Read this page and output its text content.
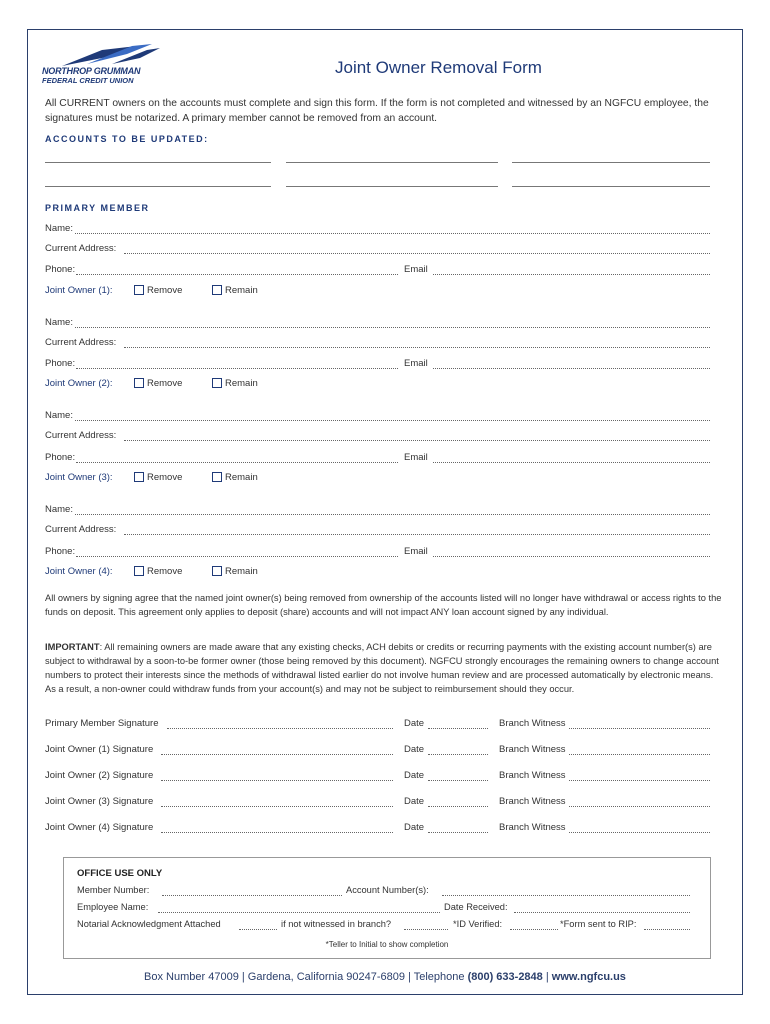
NORTHROP GRUMMAN
FEDERAL CREDIT UNION
Joint Owner Removal Form
All CURRENT owners on the accounts must complete and sign this form. If the form is not completed and witnessed by an NGFCU employee, the signatures must be notarized. A primary member cannot be removed from an account.
ACCOUNTS TO BE UPDATED:
PRIMARY MEMBER
Name:
Current Address:
Phone:	Email
Joint Owner (1):	Remove	Remain
Name:
Current Address:
Phone:	Email
Joint Owner (2):	Remove	Remain
Name:
Current Address:
Phone:	Email
Joint Owner (3):	Remove	Remain
Name:
Current Address:
Phone:	Email
Joint Owner (4):	Remove	Remain
All owners by signing agree that the named joint owner(s) being removed from ownership of the accounts listed will no longer have withdrawal or access rights to the funds on deposit. This agreement only applies to deposit (share) accounts and will not impact ANY loan account signed by any individual.
IMPORTANT: All remaining owners are made aware that any existing checks, ACH debits or credits or recurring payments with the existing account number(s) are subject to withdrawal by a soon-to-be former owner (those being removed by this document). NGFCU strongly encourages the remaining owners to change account numbers to protect their interests since the methods of withdrawal listed earlier do not involve human review and are processed automatically by electronic means. As a result, a non-owner could withdraw funds from your account(s) and may not be subject to reimbursement should they occur.
Primary Member Signature	Date	Branch Witness
Joint Owner (1) Signature	Date	Branch Witness
Joint Owner (2) Signature	Date	Branch Witness
Joint Owner (3) Signature	Date	Branch Witness
Joint Owner (4) Signature	Date	Branch Witness
OFFICE USE ONLY
Member Number:	Account Number(s):
Employee Name:	Date Received:
Notarial Acknowledgment Attached	if not witnessed in branch?	*ID Verified:	*Form sent to RIP:
*Teller to Initial to show completion
Box Number 47009 | Gardena, California 90247-6809 | Telephone (800) 633-2848 | www.ngfcu.us
